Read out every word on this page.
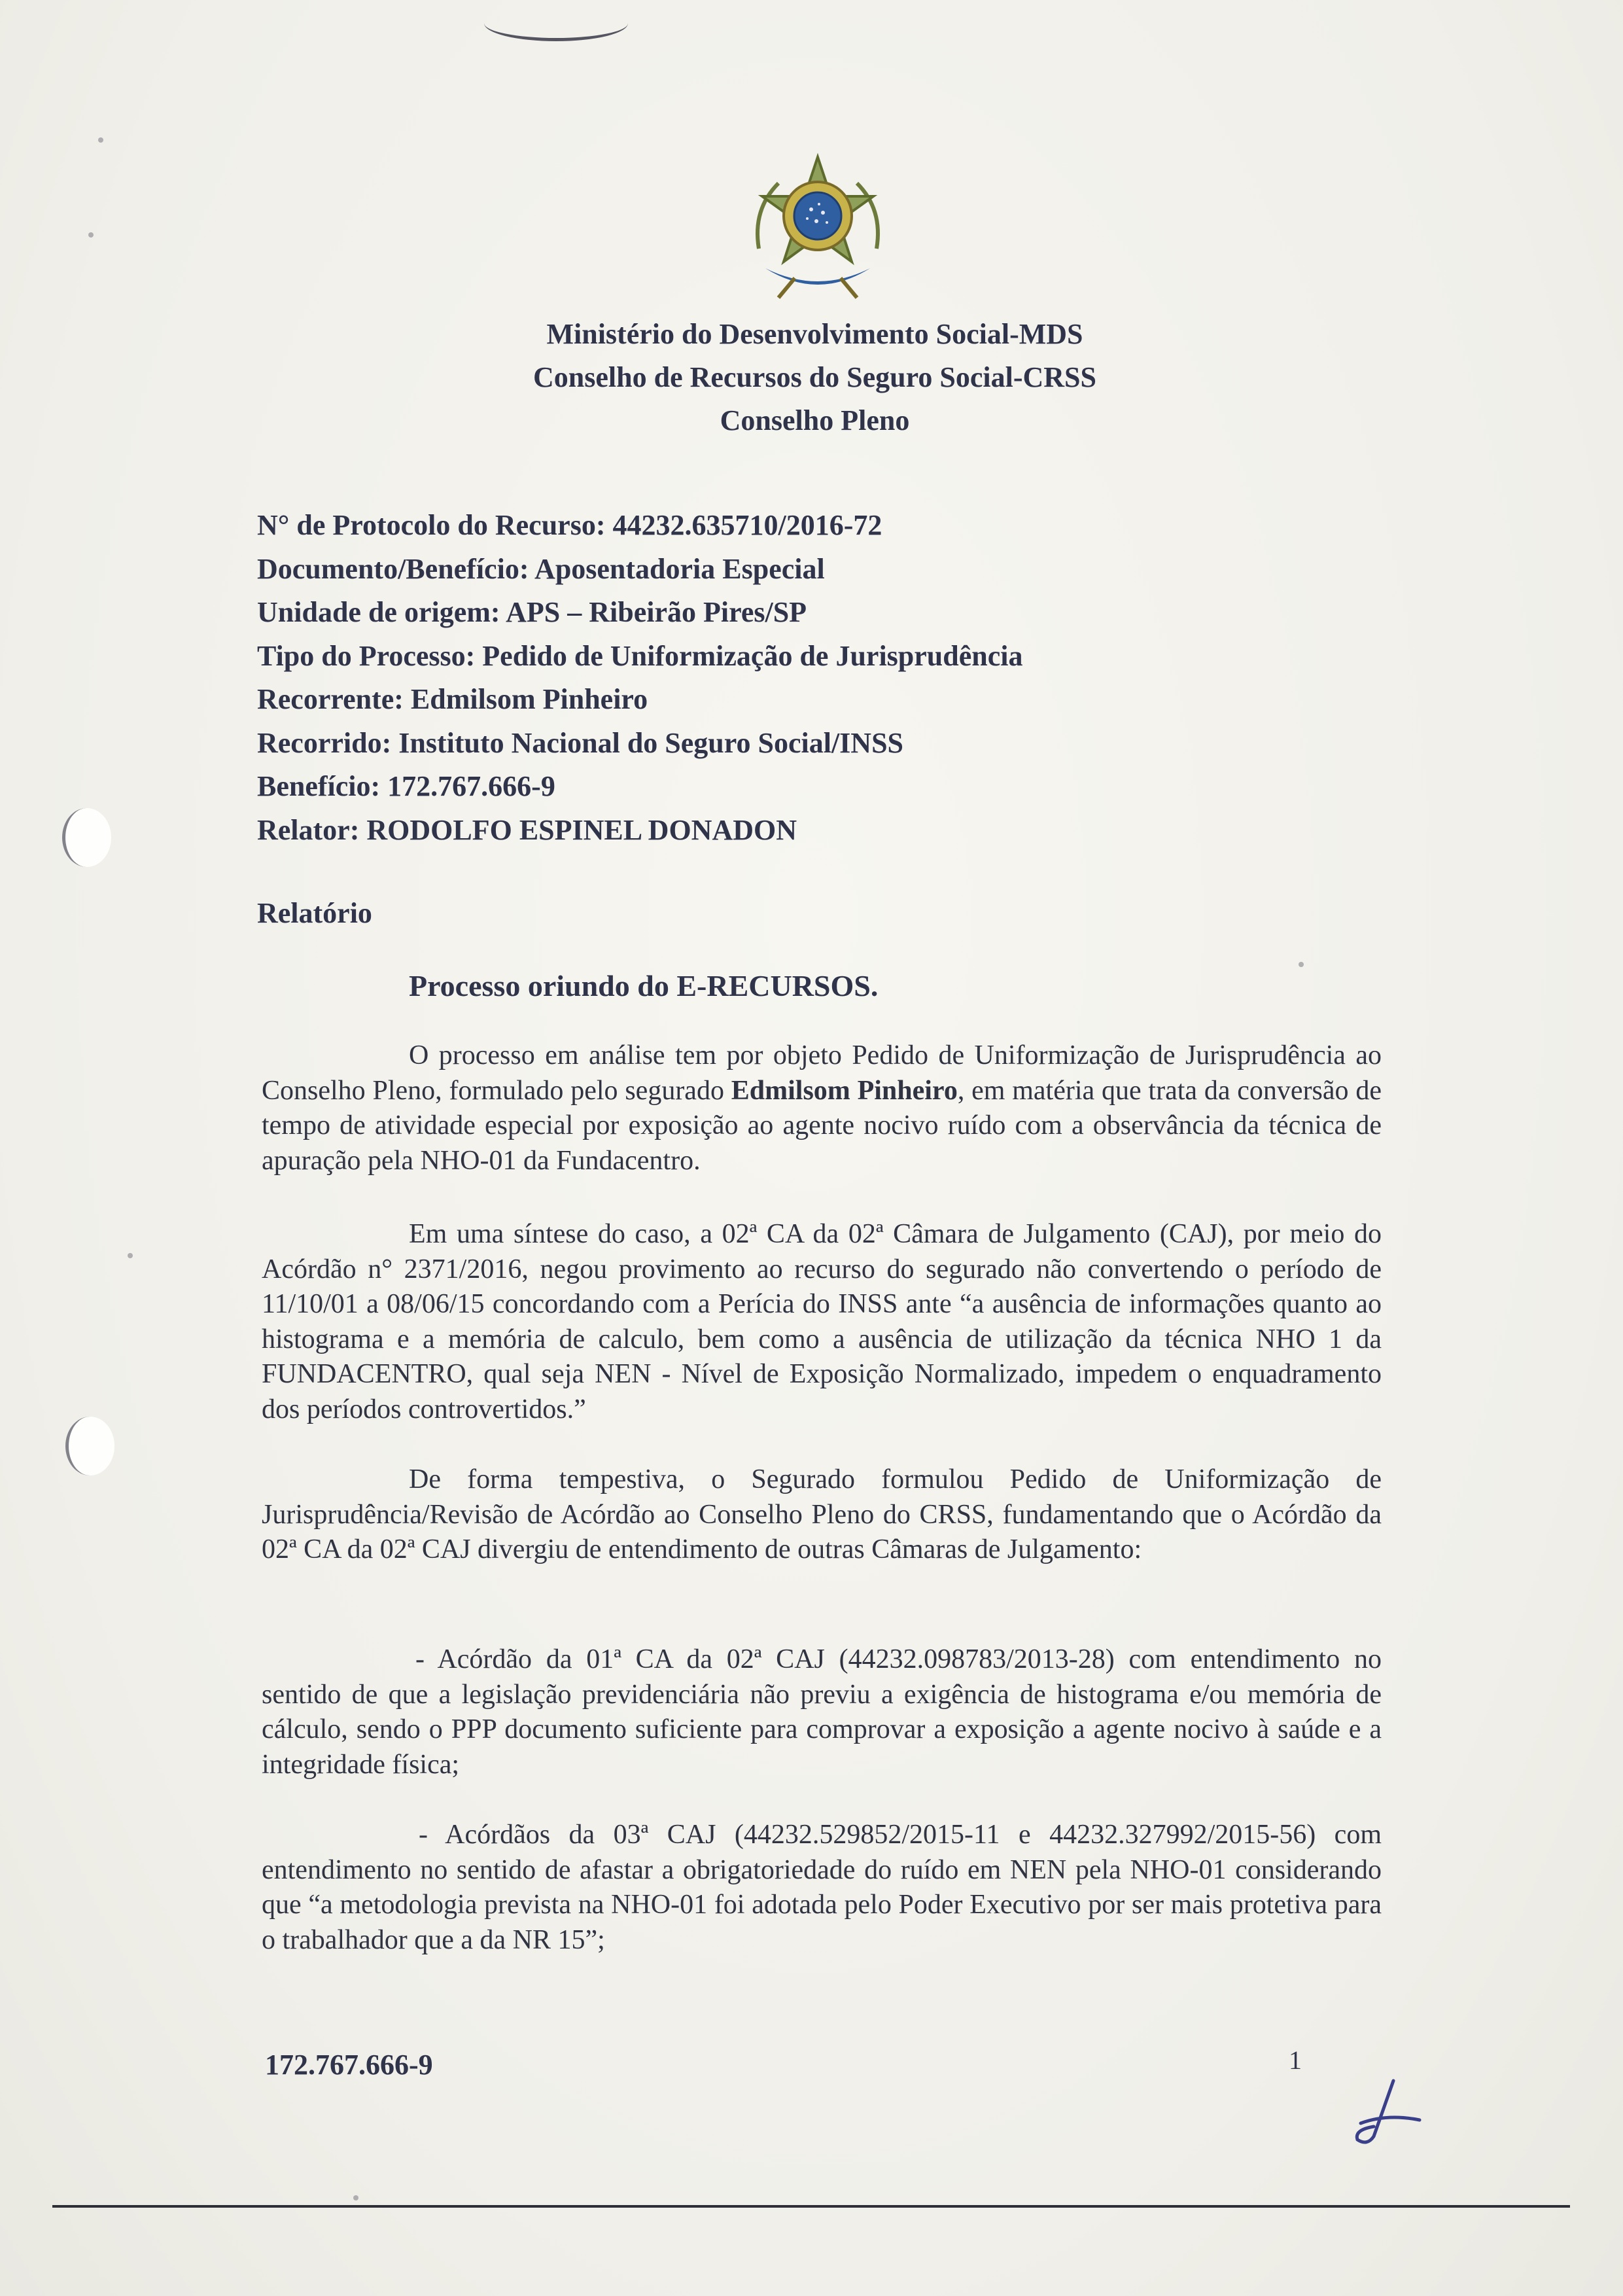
Ministério do Desenvolvimento Social-MDS
Conselho de Recursos do Seguro Social-CRSS
Conselho Pleno
N° de Protocolo do Recurso: 44232.635710/2016-72
Documento/Benefício: Aposentadoria Especial
Unidade de origem: APS – Ribeirão Pires/SP
Tipo do Processo: Pedido de Uniformização de Jurisprudência
Recorrente: Edmilsom Pinheiro
Recorrido: Instituto Nacional do Seguro Social/INSS
Benefício: 172.767.666-9
Relator: RODOLFO ESPINEL DONADON
Relatório
Processo oriundo do E-RECURSOS.

O processo em análise tem por objeto Pedido de Uniformização de Jurisprudência ao Conselho Pleno, formulado pelo segurado Edmilsom Pinheiro, em matéria que trata da conversão de tempo de atividade especial por exposição ao agente nocivo ruído com a observância da técnica de apuração pela NHO-01 da Fundacentro.

Em uma síntese do caso, a 02ª CA da 02ª Câmara de Julgamento (CAJ), por meio do Acórdão n° 2371/2016, negou provimento ao recurso do segurado não convertendo o período de 11/10/01 a 08/06/15 concordando com a Perícia do INSS ante “a ausência de informações quanto ao histograma e a memória de calculo, bem como a ausência de utilização da técnica NHO 1 da FUNDACENTRO, qual seja NEN - Nível de Exposição Normalizado, impedem o enquadramento dos períodos controvertidos.”

De forma tempestiva, o Segurado formulou Pedido de Uniformização de Jurisprudência/Revisão de Acórdão ao Conselho Pleno do CRSS, fundamentando que o Acórdão da 02ª CA da 02ª CAJ divergiu de entendimento de outras Câmaras de Julgamento:

- Acórdão da 01ª CA da 02ª CAJ (44232.098783/2013-28) com entendimento no sentido de que a legislação previdenciária não previu a exigência de histograma e/ou memória de cálculo, sendo o PPP documento suficiente para comprovar a exposição a agente nocivo à saúde e a integridade física;

- Acórdãos da 03ª CAJ (44232.529852/2015-11 e 44232.327992/2015-56) com entendimento no sentido de afastar a obrigatoriedade do ruído em NEN pela NHO-01 considerando que “a metodologia prevista na NHO-01 foi adotada pelo Poder Executivo por ser mais protetiva para o trabalhador que a da NR 15”;

172.767.666-9	1
